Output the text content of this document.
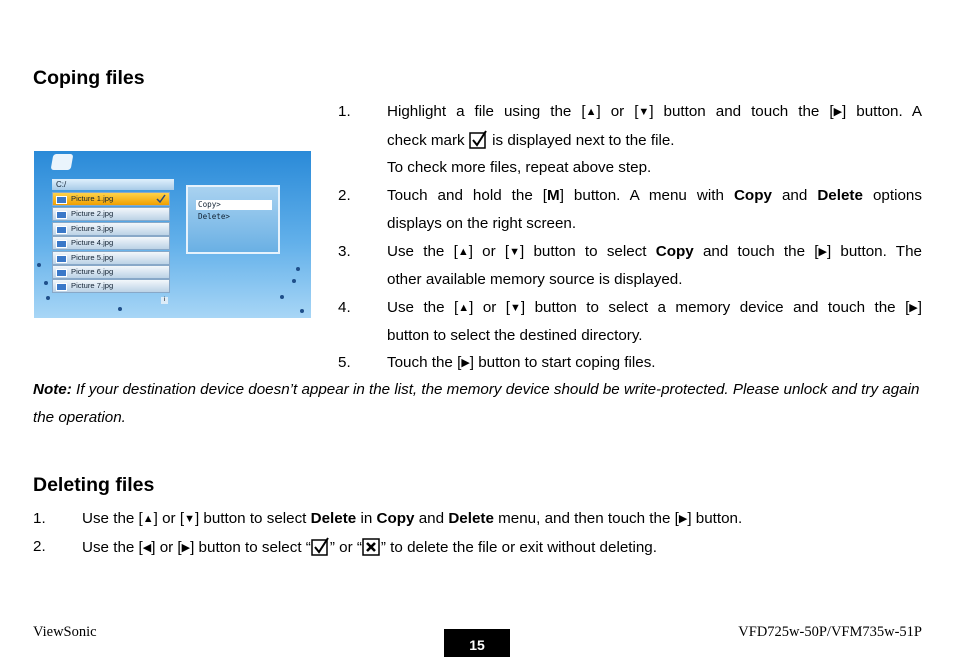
Coping files
Deleting files
C:/
Picture 1.jpg
Picture 2.jpg
Picture 3.jpg
Picture 4.jpg
Picture 5.jpg
Picture 6.jpg
Picture 7.jpg
i
Copy>
Delete>
1. Highlight a file using the [▲] or [▼] button and touch the [▶] button. A
check mark is displayed next to the file.
To check more files, repeat above step.
2. Touch and hold the [M] button. A menu with Copy and Delete options
displays on the right screen.
3. Use the [▲] or [▼] button to select Copy and touch the [▶] button. The
other available memory source is displayed.
4. Use the [▲] or [▼] button to select a memory device and touch the [▶]
button to select the destined directory.
5. Touch the [▶] button to start coping files.
Note: If your destination device doesn’t appear in the list, the memory device should be write-protected. Please unlock and try again the operation.
1. Use the [▲] or [▼] button to select Delete in Copy and Delete menu, and then touch the [▶] button.
2. Use the [◀] or [▶] button to select “ ” or “☒” to delete the file or exit without deleting.
ViewSonic
15
VFD725w-50P/VFM735w-51P
